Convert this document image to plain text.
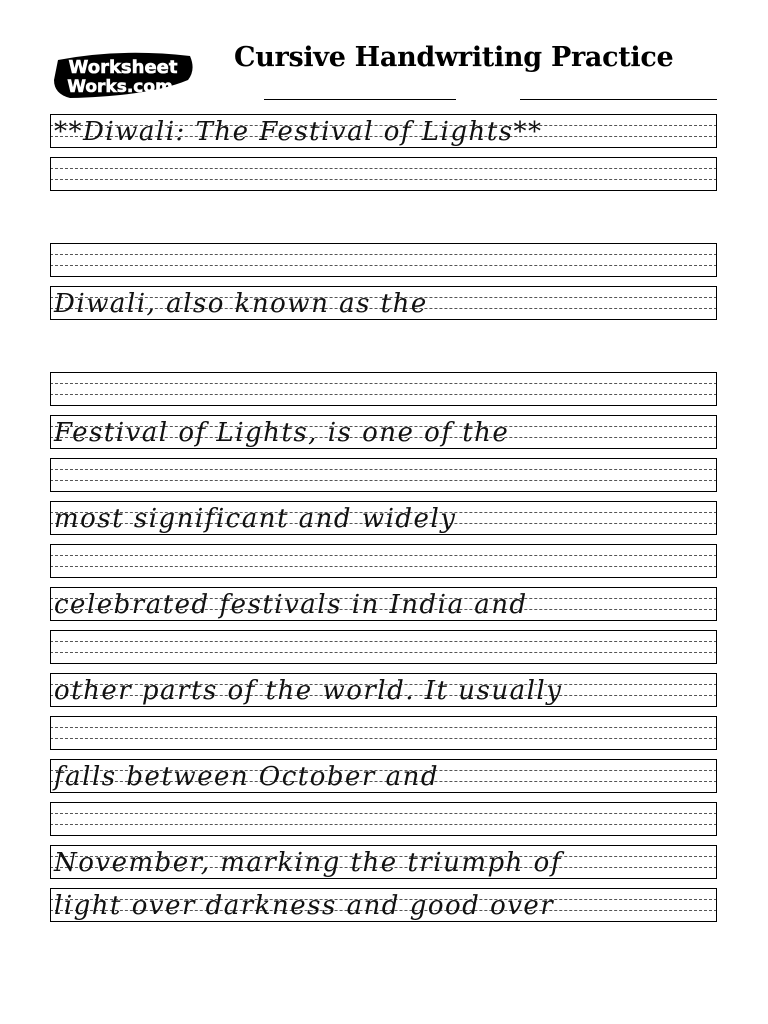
Worksheet
Works.com
Cursive Handwriting Practice
**Diwali: The Festival of Lights**
Diwali, also known as the
Festival of Lights, is one of the
most significant and widely
celebrated festivals in India and
other parts of the world. It usually
falls between October and
November, marking the triumph of
light over darkness and good over
